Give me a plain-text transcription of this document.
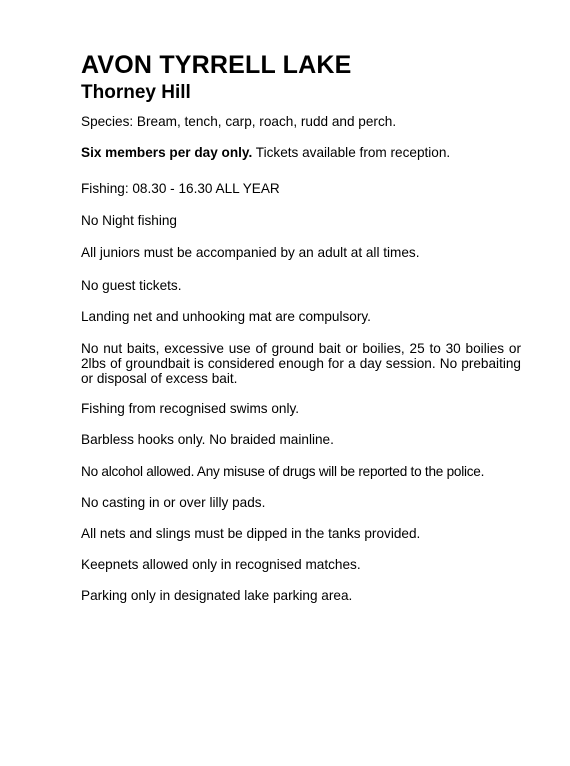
AVON TYRRELL LAKE
Thorney Hill

Species: Bream, tench, carp, roach, rudd and perch.

Six members per day only. Tickets available from reception.

Fishing: 08.30 - 16.30 ALL YEAR

No Night fishing

All juniors must be accompanied by an adult at all times.

No guest tickets.

Landing net and unhooking mat are compulsory.

No nut baits, excessive use of ground bait or boilies, 25 to 30 boilies or 2lbs of groundbait is considered enough for a day session. No prebaiting or disposal of excess bait.

Fishing from recognised swims only.

Barbless hooks only. No braided mainline.

No alcohol allowed. Any misuse of drugs will be reported to the police.

No casting in or over lilly pads.

All nets and slings must be dipped in the tanks provided.

Keepnets allowed only in recognised matches.

Parking only in designated lake parking area.
